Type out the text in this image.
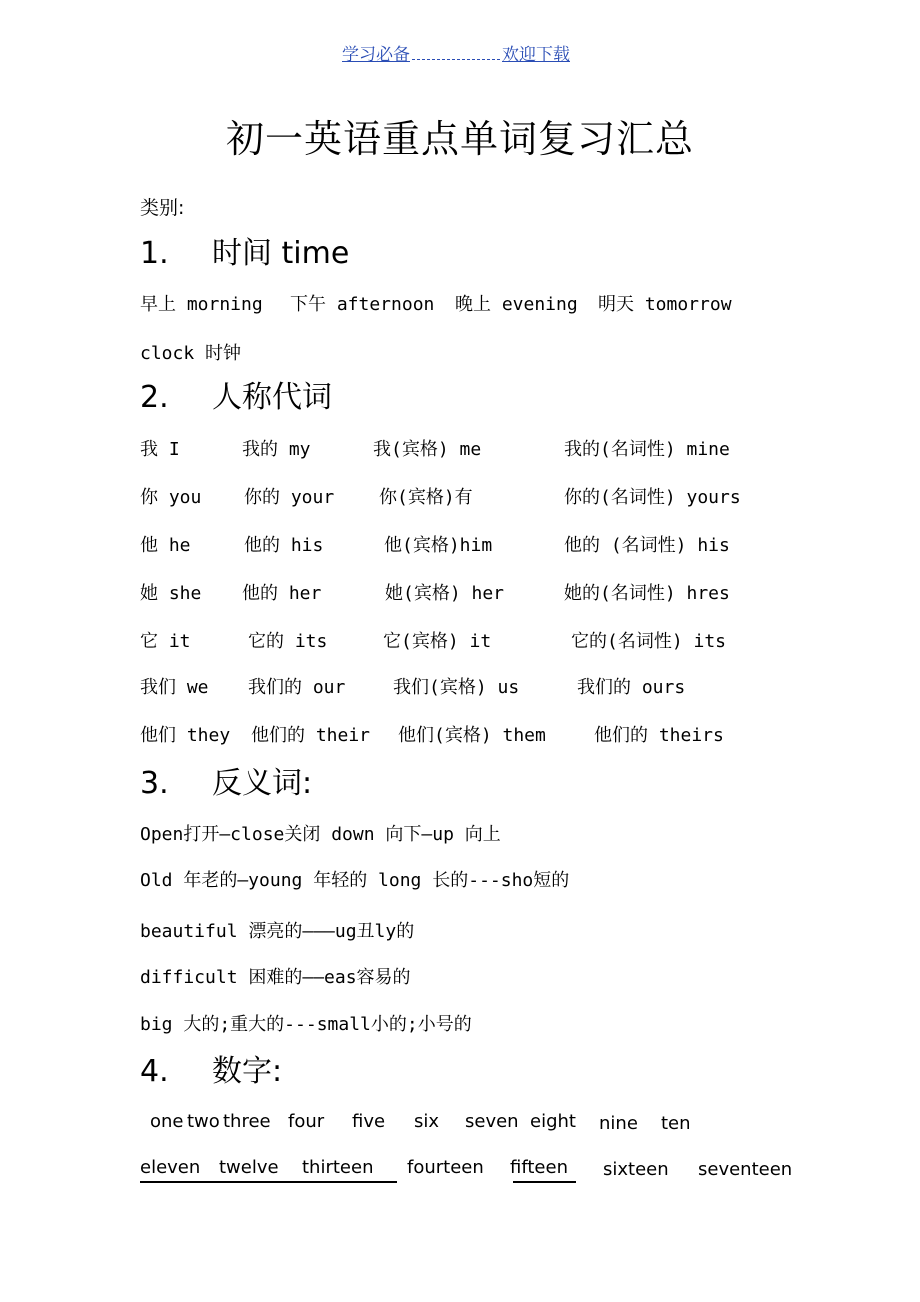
学习必备	欢迎下载
初一英语重点单词复习汇总
类别:
1. 时间 time
早上 morning 下午 afternoon 晚上 evening 明天 tomorrow
clock 时钟
2. 人称代词
我 I	我的 my	我(宾格) me	我的(名词性) mine
你 you 你的 your 你(宾格)有	你的(名词性) yours
他 he	他的 his	他(宾格)him	他的 (名词性) his
她 she 他的 her	她(宾格) her	她的(名词性) hres
它 it	它的 its	它(宾格) it	它的(名词性) its
我们 we 我们的 our	我们(宾格) us	我们的 ours
他们 they 他们的 their 他们(宾格) them	他们的 theirs
3. 反义词:
Open打开—close关闭 down 向下—up 向上
Old 年老的—young 年轻的 long 长的---sho短的
beautiful 漂亮的———ug丑ly的
difficult 困难的——eas容易的
big 大的;重大的---small小的;小号的
4. 数字:
one two three four five six seven eight nine ten
eleven twelve thirteen fourteen fifteen sixteen seventeen
